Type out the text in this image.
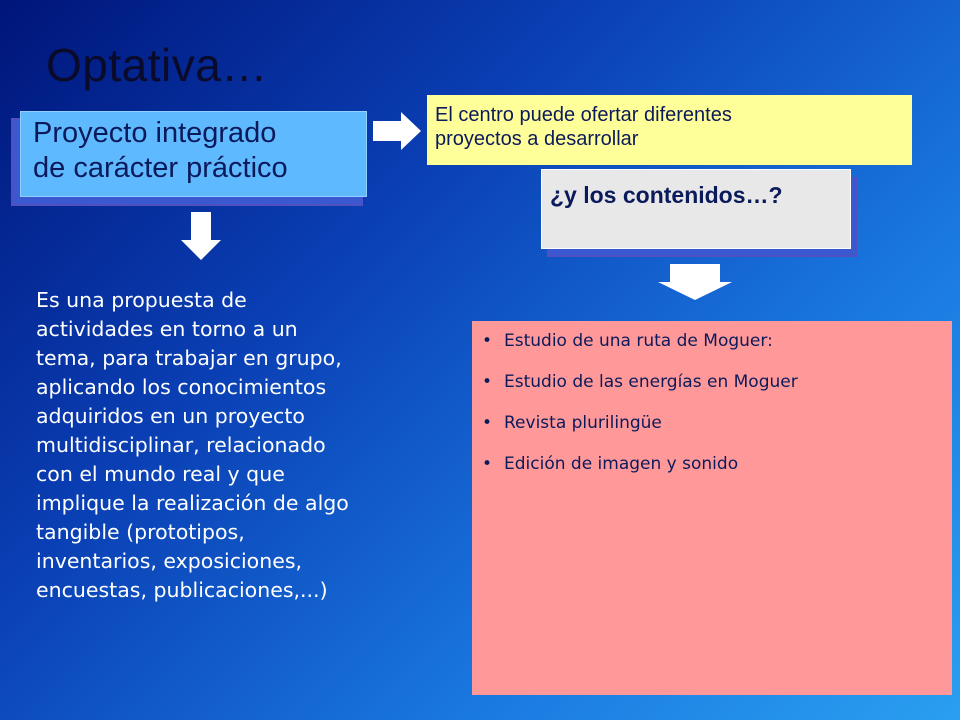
Optativa…
Proyecto integrado
de carácter práctico
El centro puede ofertar diferentes
proyectos a desarrollar
¿y los contenidos…?
Es una propuesta de
actividades en torno a un
tema, para trabajar en grupo,
aplicando los conocimientos
adquiridos en un proyecto
multidisciplinar, relacionado
con el mundo real y que
implique la realización de algo
tangible (prototipos,
inventarios, exposiciones,
encuestas, publicaciones,...)
• Estudio de una ruta de Moguer:
• Estudio de las energías en Moguer
• Revista plurilingüe
• Edición de imagen y sonido
